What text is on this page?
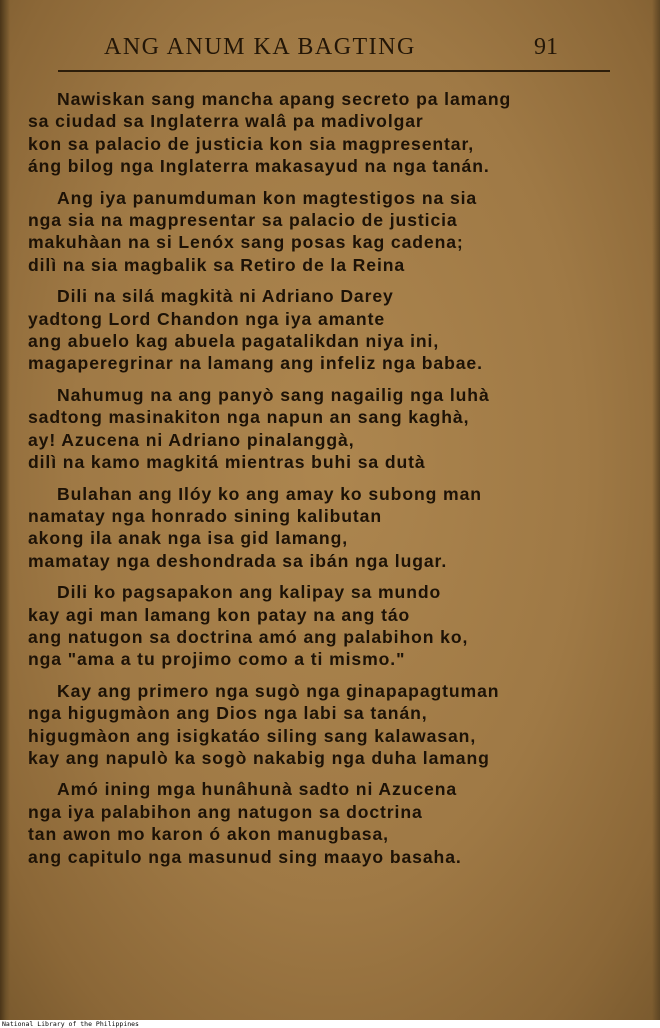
ANG ANUM KA BAGTING	91
Nawiskan sang mancha apang secreto pa lamang
sa ciudad sa Inglaterra walâ pa madivolgar
kon sa palacio de justicia kon sia magpresentar,
áng bilog nga Inglaterra makasayud na nga tanán.
Ang iya panumduman kon magtestigos na sia
nga sia na magpresentar sa palacio de justicia
makuhàan na si Lenóx sang posas kag cadena;
dilì na sia magbalik sa Retiro de la Reina
Dili na silá magkità ni Adriano Darey
yadtong Lord Chandon nga iya amante
ang abuelo kag abuela pagatalikdan niya ini,
magaperegrinar na lamang ang infeliz nga babae.
Nahumug na ang panyò sang nagailig nga luhà
sadtong masinakiton nga napun an sang kaghà,
ay! Azucena ni Adriano pinalanggà,
dilì na kamo magkitá mientras buhi sa dutà
Bulahan ang Ilóy ko ang amay ko subong man
namatay nga honrado sining kalibutan
akong ila anak nga isa gid lamang,
mamatay nga deshondrada sa ibán nga lugar.
Dili ko pagsapakon ang kalipay sa mundo
kay agi man lamang kon patay na ang táo
ang natugon sa doctrina amó ang palabihon ko,
nga "ama a tu projimo como a ti mismo."
Kay ang primero nga sugò nga ginapapagtuman
nga higugmàon ang Dios nga labi sa tanán,
higugmàon ang isigkatáo siling sang kalawasan,
kay ang napulò ka sogò nakabig nga duha lamang
Amó ining mga hunâhunà sadto ni Azucena
nga iya palabihon ang natugon sa doctrina
tan awon mo karon ó akon manugbasa,
ang capitulo nga masunud sing maayo basaha.
National Library of the Philippines
